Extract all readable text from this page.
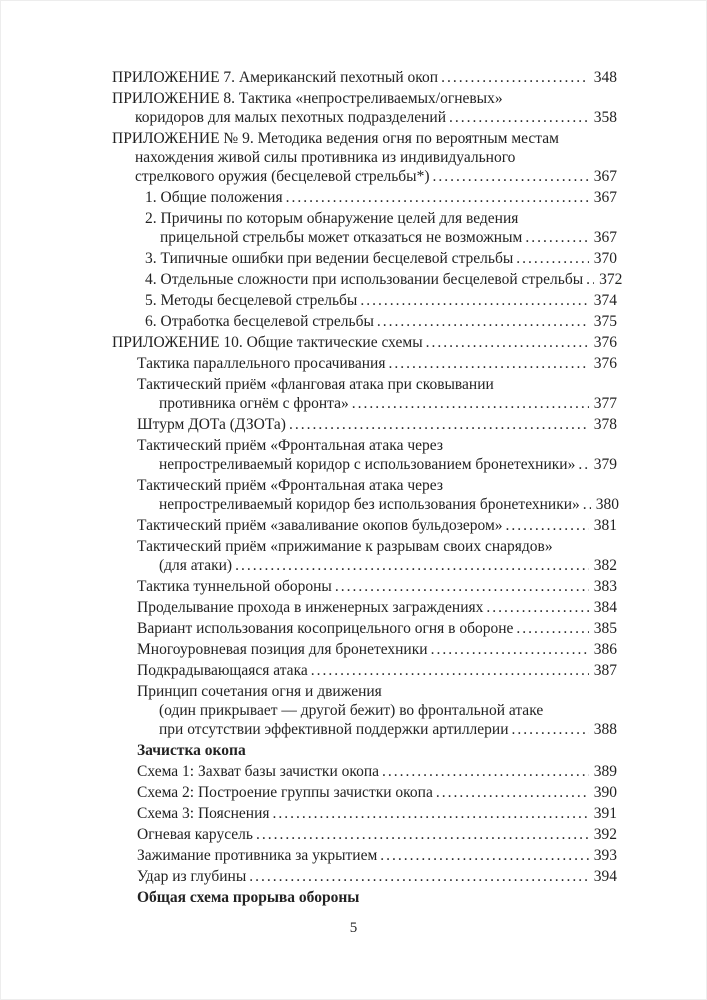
ПРИЛОЖЕНИЕ 7. Американский пехотный окоп .....	348
ПРИЛОЖЕНИЕ 8. Тактика «непростреливаемых/огневых»
коридоров для малых пехотных подразделений .....	358
ПРИЛОЖЕНИЕ № 9. Методика ведения огня по вероятным местам
нахождения живой силы противника из индивидуального
стрелкового оружия (бесцелевой стрельбы*) .....	367
1. Общие положения .....	367
2. Причины по которым обнаружение целей для ведения
прицельной стрельбы может отказаться не возможным .....	367
3. Типичные ошибки при ведении бесцелевой стрельбы .....	370
4. Отдельные сложности при использовании бесцелевой стрельбы .....	372
5. Методы бесцелевой стрельбы .....	374
6. Отработка бесцелевой стрельбы .....	375
ПРИЛОЖЕНИЕ 10. Общие тактические схемы .....	376
Тактика параллельного просачивания .....	376
Тактический приём «фланговая атака при сковывании
противника огнём с фронта» .....	377
Штурм ДОТа (ДЗОТа) .....	378
Тактический приём «Фронтальная атака через
непростреливаемый коридор с использованием бронетехники» .....	379
Тактический приём «Фронтальная атака через
непростреливаемый коридор без использования бронетехники» .....	380
Тактический приём «заваливание окопов бульдозером» .....	381
Тактический приём «прижимание к разрывам своих снарядов»
(для атаки) .....	382
Тактика туннельной обороны .....	383
Проделывание прохода в инженерных заграждениях .....	384
Вариант использования косоприцельного огня в обороне .....	385
Многоуровневая позиция для бронетехники .....	386
Подкрадывающаяся атака .....	387
Принцип сочетания огня и движения
(один прикрывает — другой бежит) во фронтальной атаке
при отсутствии эффективной поддержки артиллерии .....	388
Зачистка окопа
Схема 1: Захват базы зачистки окопа .....	389
Схема 2: Построение группы зачистки окопа .....	390
Схема 3: Пояснения .....	391
Огневая карусель .....	392
Зажимание противника за укрытием .....	393
Удар из глубины .....	394
Общая схема прорыва обороны
5
